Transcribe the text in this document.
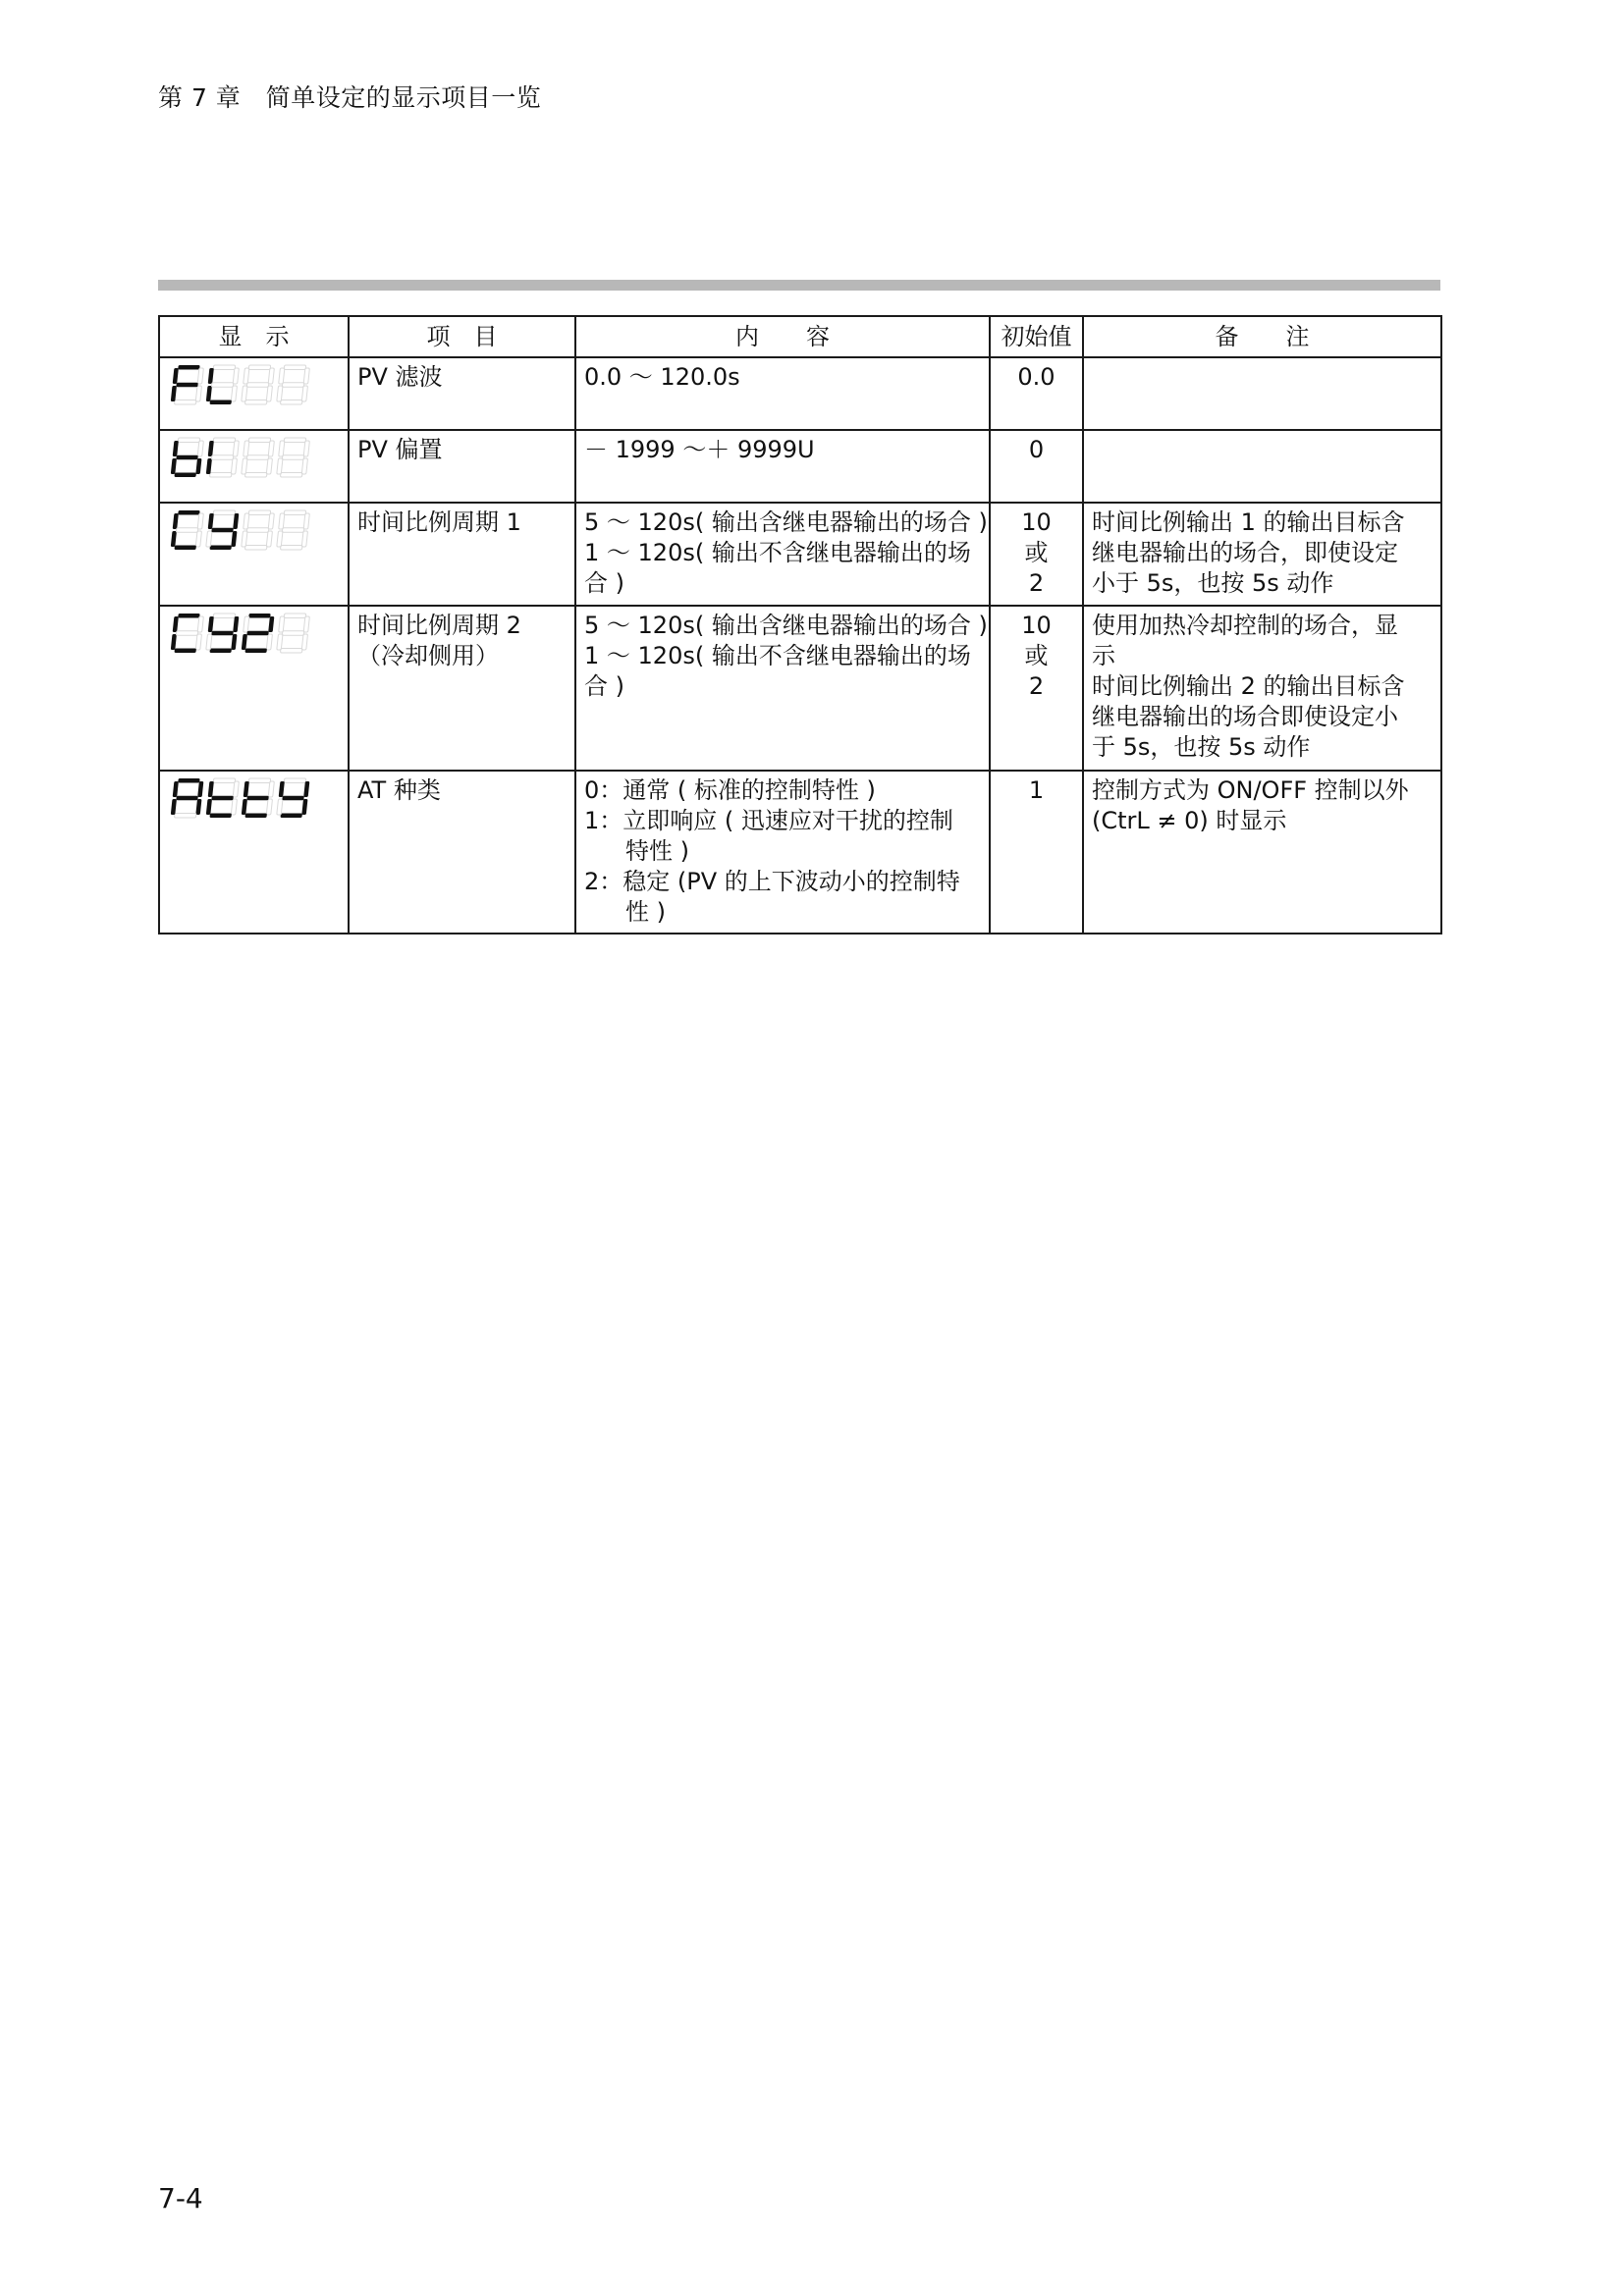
第 7 章　简单设定的显示项目一览
显　示	项　目	内　　容	初始值	备　　注

PV 滤波	0.0 ～ 120.0s	0.0	

PV 偏置	－ 1999 ～＋ 9999U	0	

时间比例周期 1	5 ～ 120s( 输出含继电器输出的场合 )
1 ～ 120s( 输出不含继电器输出的场
合 )	10
或
2	时间比例输出 1 的输出目标含
继电器输出的场合，即使设定
小于 5s，也按 5s 动作

时间比例周期 2
（冷却侧用）	5 ～ 120s( 输出含继电器输出的场合 )
1 ～ 120s( 输出不含继电器输出的场
合 )	10
或
2	使用加热冷却控制的场合，显
示
时间比例输出 2 的输出目标含
继电器输出的场合即使设定小
于 5s，也按 5s 动作

AT 种类	0：通常 ( 标准的控制特性 )
1：立即响应 ( 迅速应对干扰的控制
特性 )
2：稳定 (PV 的上下波动小的控制特
性 )	1	控制方式为 ON/OFF 控制以外
(CtrL ≠ 0) 时显示
7-4
